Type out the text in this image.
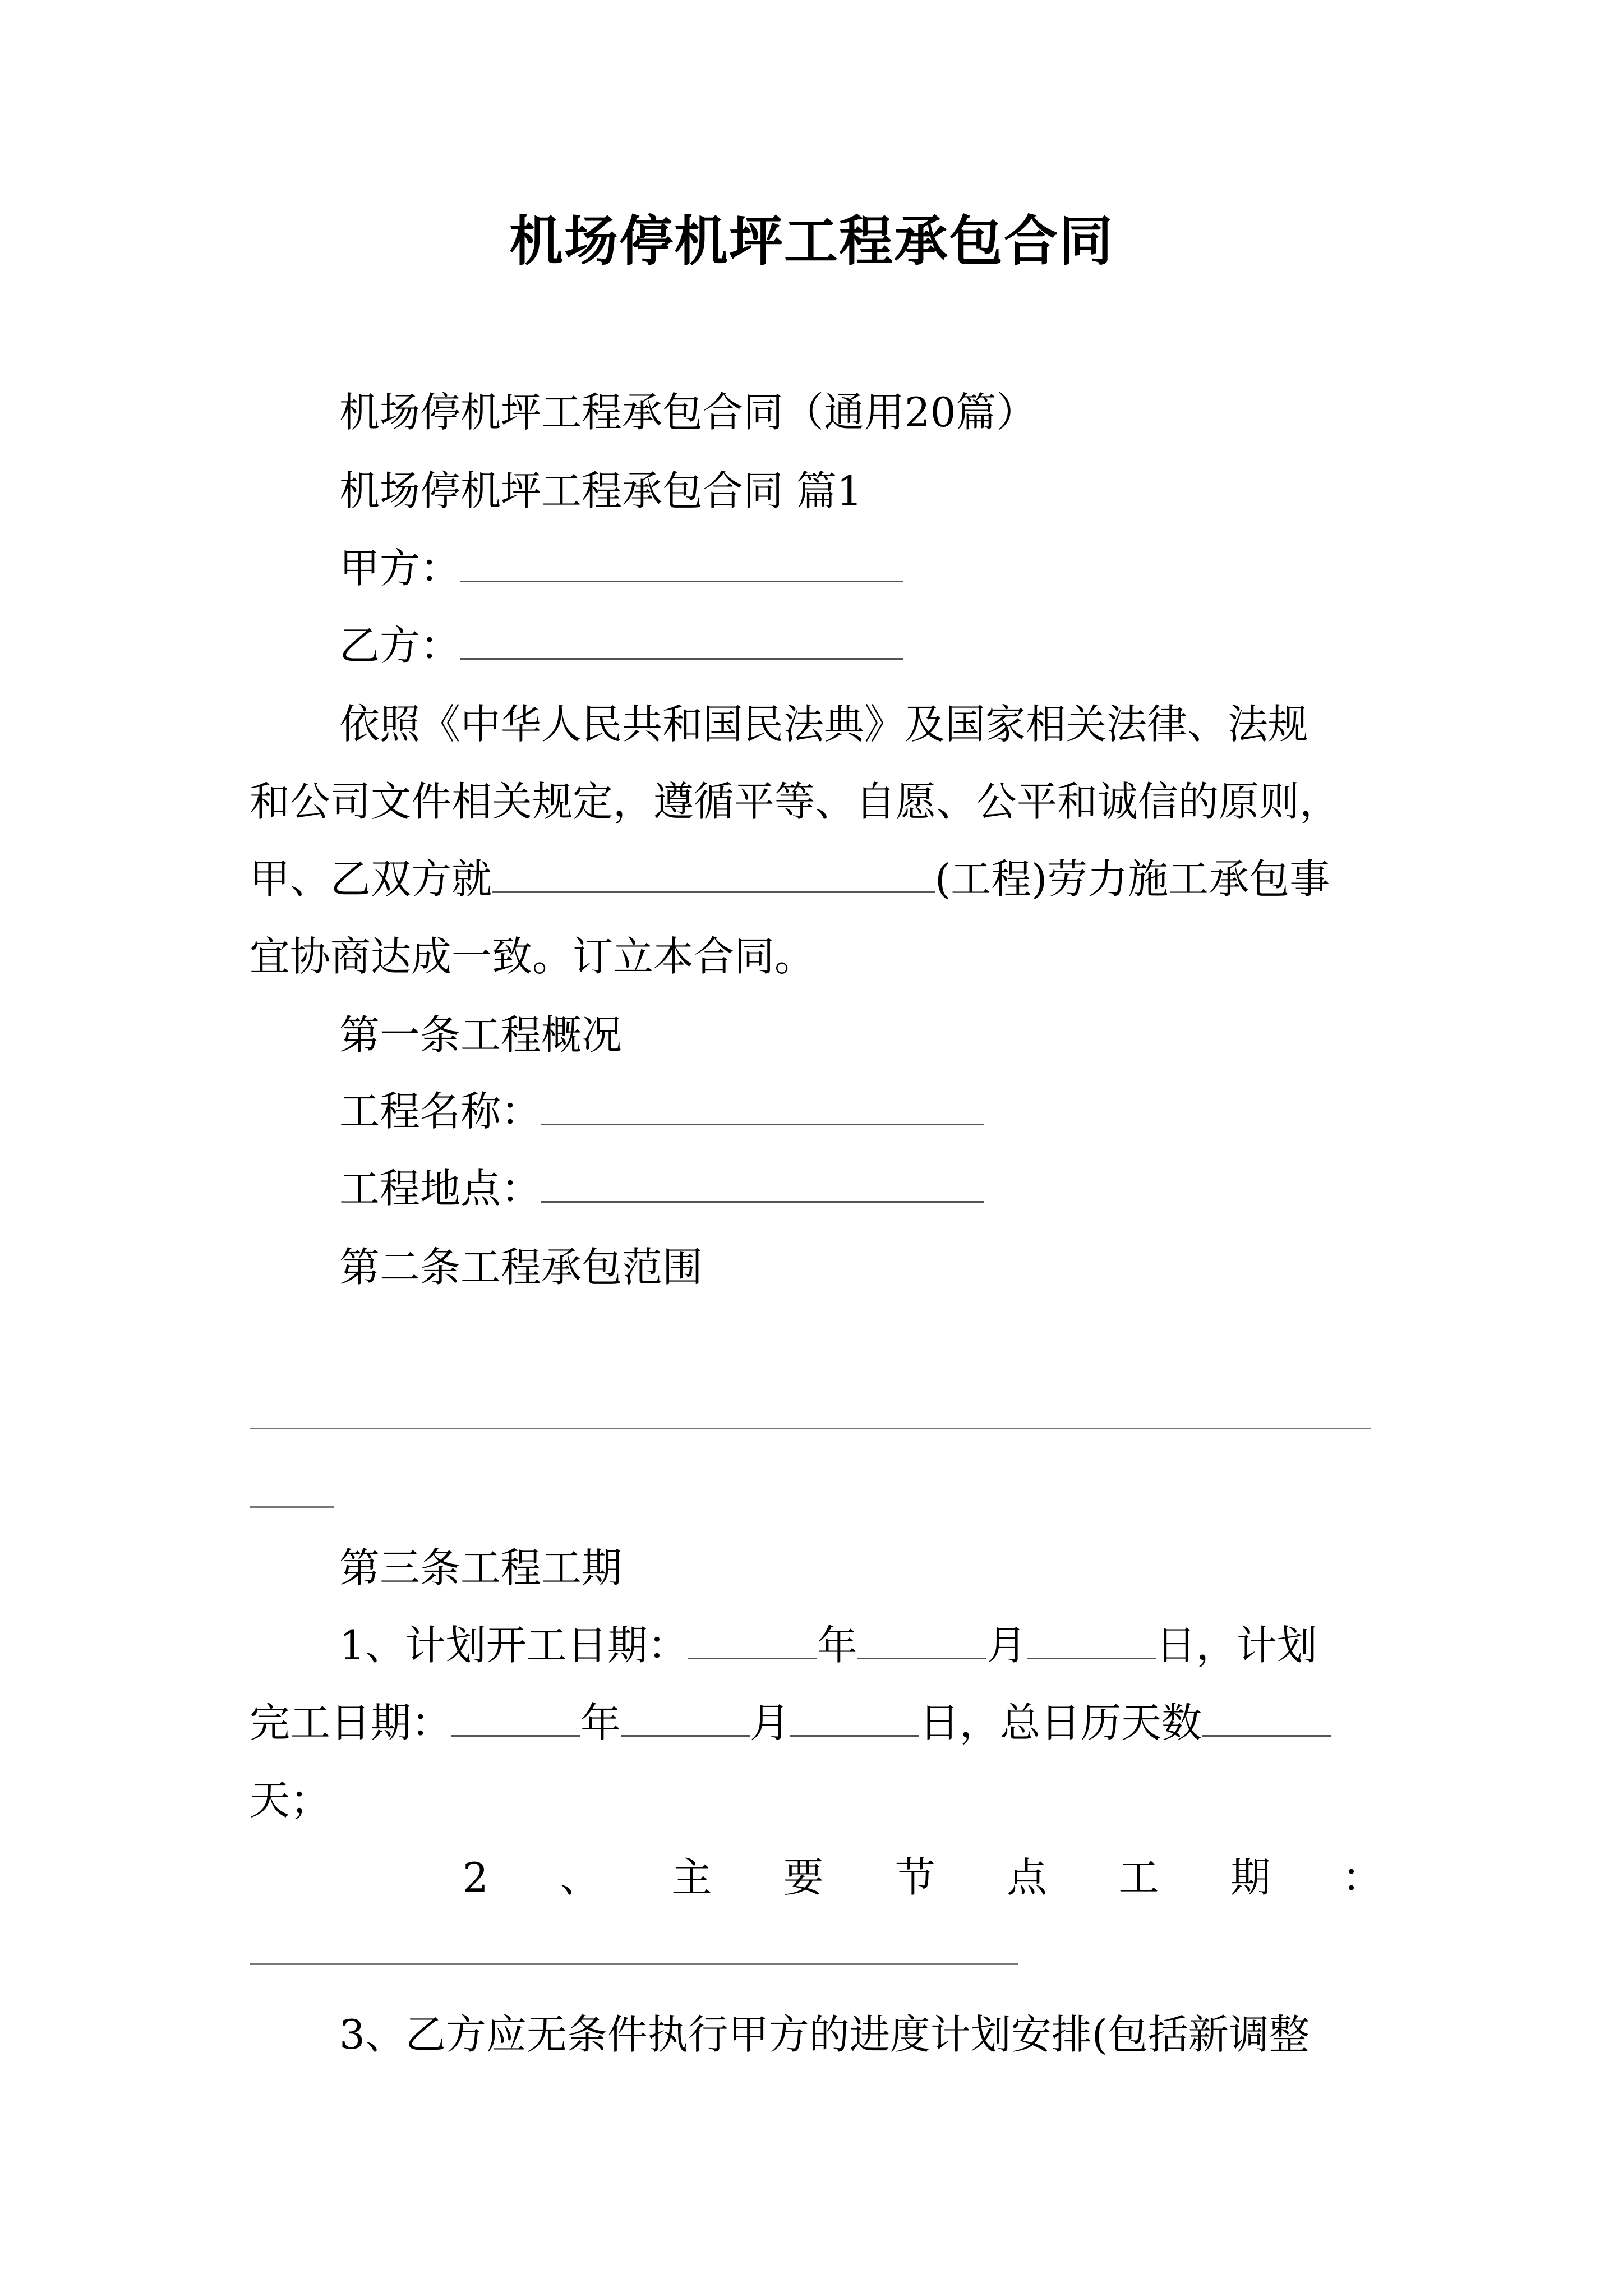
机场停机坪工程承包合同
机场停机坪工程承包合同（通用20篇）
机场停机坪工程承包合同 篇1
甲方：
乙方：
依照《中华人民共和国民法典》及国家相关法律、法规
和公司文件相关规定，遵循平等、自愿、公平和诚信的原则，
甲、乙双方就	(工程)劳力施工承包事
宜协商达成一致。订立本合同。
第一条工程概况
工程名称：
工程地点：
第二条工程承包范围
第三条工程工期
1、计划开工日期：	年	月	日，计划
完工日期：	年	月	日，总日历天数
天；
2 、 主 要 节 点 工 期 ：
3、乙方应无条件执行甲方的进度计划安排(包括新调整
